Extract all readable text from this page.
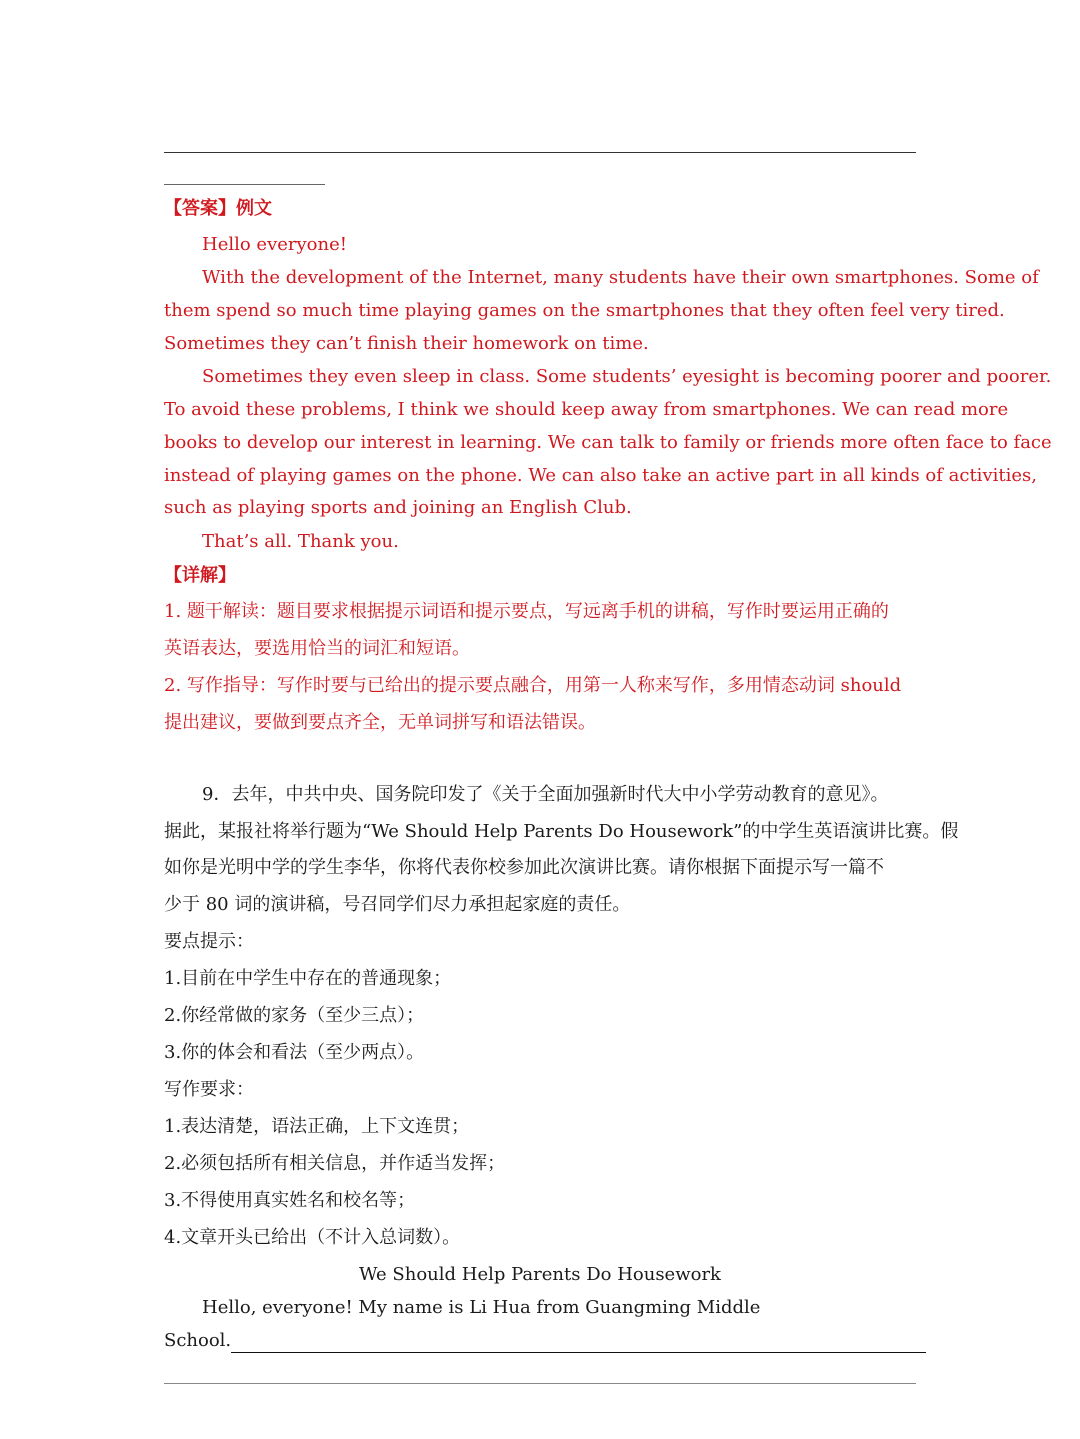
【答案】例文
Hello everyone!
With the development of the Internet, many students have their own smartphones. Some of
them spend so much time playing games on the smartphones that they often feel very tired.
Sometimes they can’t finish their homework on time.
Sometimes they even sleep in class. Some students’ eyesight is becoming poorer and poorer.
To avoid these problems, I think we should keep away from smartphones. We can read more
books to develop our interest in learning. We can talk to family or friends more often face to face
instead of playing games on the phone. We can also take an active part in all kinds of activities,
such as playing sports and joining an English Club.
That’s all. Thank you.
【详解】
1. 题干解读：题目要求根据提示词语和提示要点，写远离手机的讲稿，写作时要运用正确的
英语表达，要选用恰当的词汇和短语。
2. 写作指导：写作时要与已给出的提示要点融合，用第一人称来写作，多用情态动词 should
提出建议，要做到要点齐全，无单词拼写和语法错误。
9．去年，中共中央、国务院印发了《关于全面加强新时代大中小学劳动教育的意见》。
据此，某报社将举行题为“We Should Help Parents Do Housework”的中学生英语演讲比赛。假
如你是光明中学的学生李华，你将代表你校参加此次演讲比赛。请你根据下面提示写一篇不
少于 80 词的演讲稿，号召同学们尽力承担起家庭的责任。
要点提示：
1.目前在中学生中存在的普通现象；
2.你经常做的家务（至少三点）；
3.你的体会和看法（至少两点）。
写作要求：
1.表达清楚，语法正确，上下文连贯；
2.必须包括所有相关信息，并作适当发挥；
3.不得使用真实姓名和校名等；
4.文章开头已给出（不计入总词数）。
We Should Help Parents Do Housework
Hello, everyone! My name is Li Hua from Guangming Middle
School.
